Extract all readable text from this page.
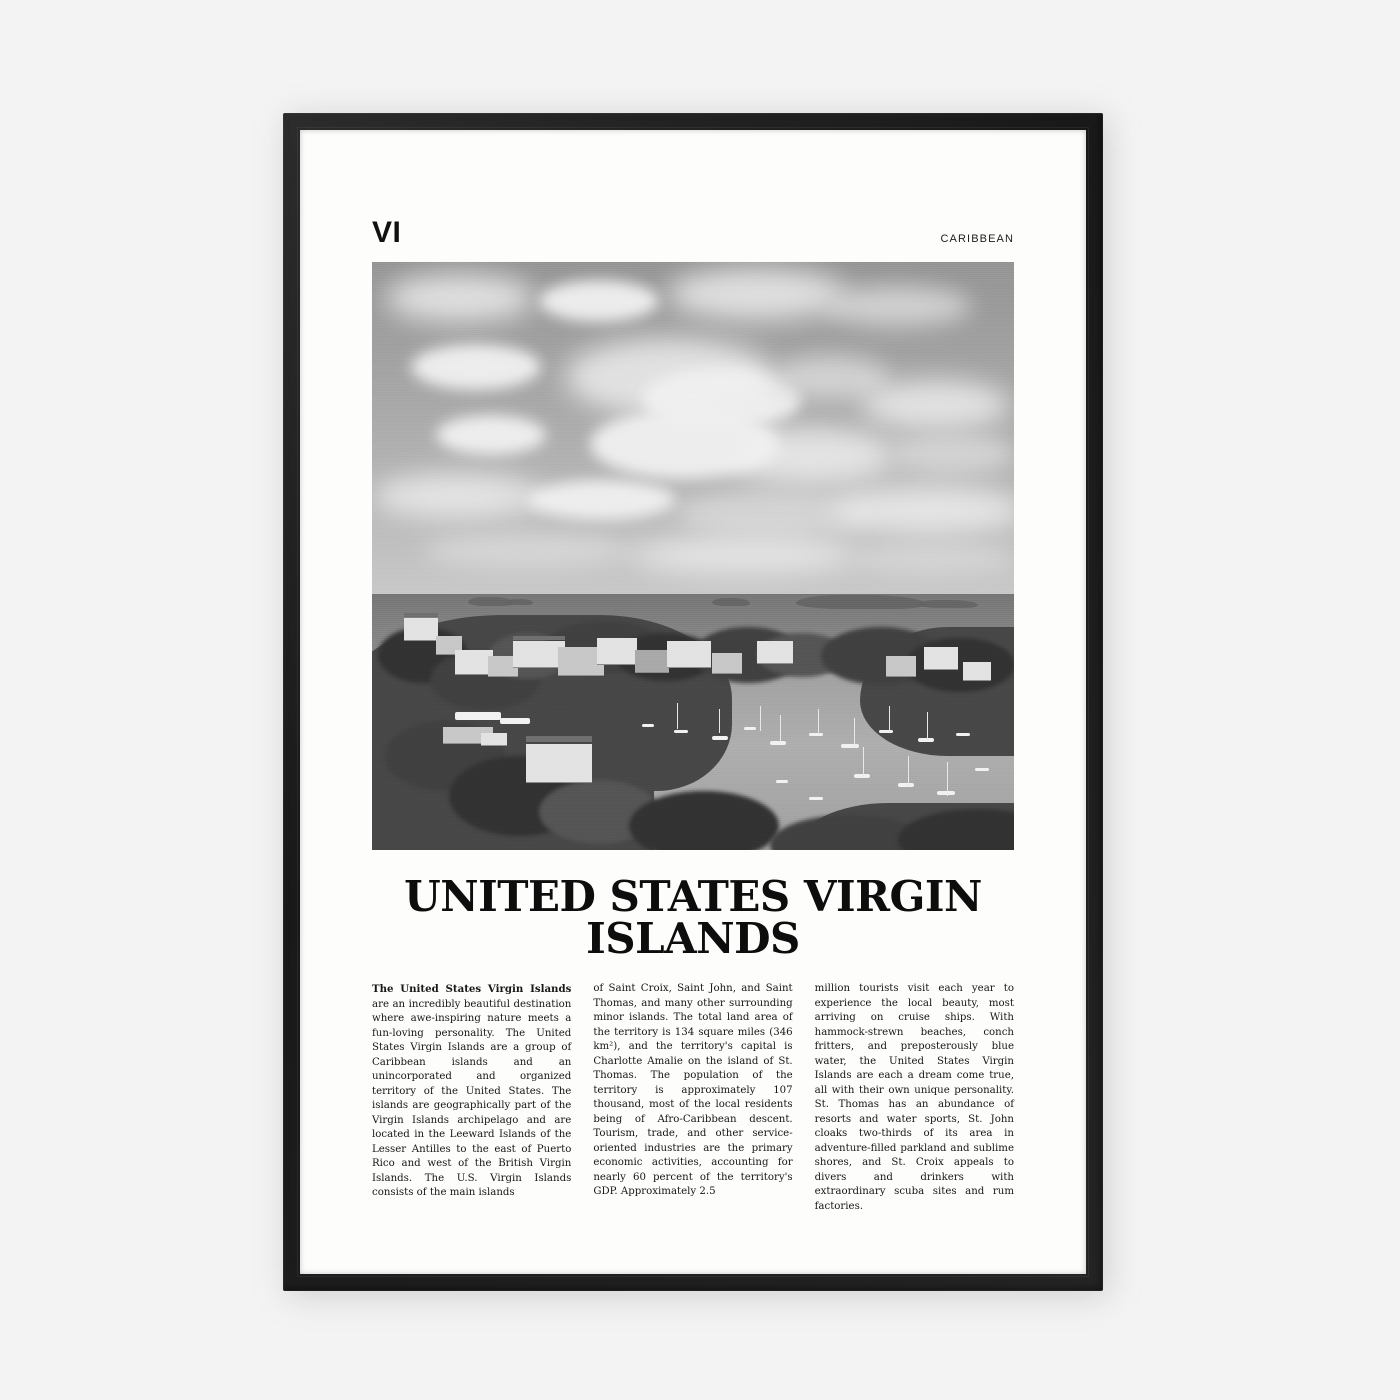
VI	CARIBBEAN
UNITED STATES VIRGIN ISLANDS
The United States Virgin Islands are an incredibly beautiful destination where awe-inspiring nature meets a fun-loving personality. The United States Virgin Islands are a group of Caribbean islands and an unincorporated and organized territory of the United States. The islands are geographically part of the Virgin Islands archipelago and are located in the Leeward Islands of the Lesser Antilles to the east of Puerto Rico and west of the British Virgin Islands. The U.S. Virgin Islands consists of the main islands
of Saint Croix, Saint John, and Saint Thomas, and many other surrounding minor islands. The total land area of the territory is 134 square miles (346 km²), and the territory's capital is Charlotte Amalie on the island of St. Thomas. The population of the territory is approximately 107 thousand, most of the local residents being of Afro-Caribbean descent. Tourism, trade, and other service-oriented industries are the primary economic activities, accounting for nearly 60 percent of the territory's GDP. Approximately 2.5
million tourists visit each year to experience the local beauty, most arriving on cruise ships. With hammock-strewn beaches, conch fritters, and preposterously blue water, the United States Virgin Islands are each a dream come true, all with their own unique personality. St. Thomas has an abundance of resorts and water sports, St. John cloaks two-thirds of its area in adventure-filled parkland and sublime shores, and St. Croix appeals to divers and drinkers with extraordinary scuba sites and rum factories.
